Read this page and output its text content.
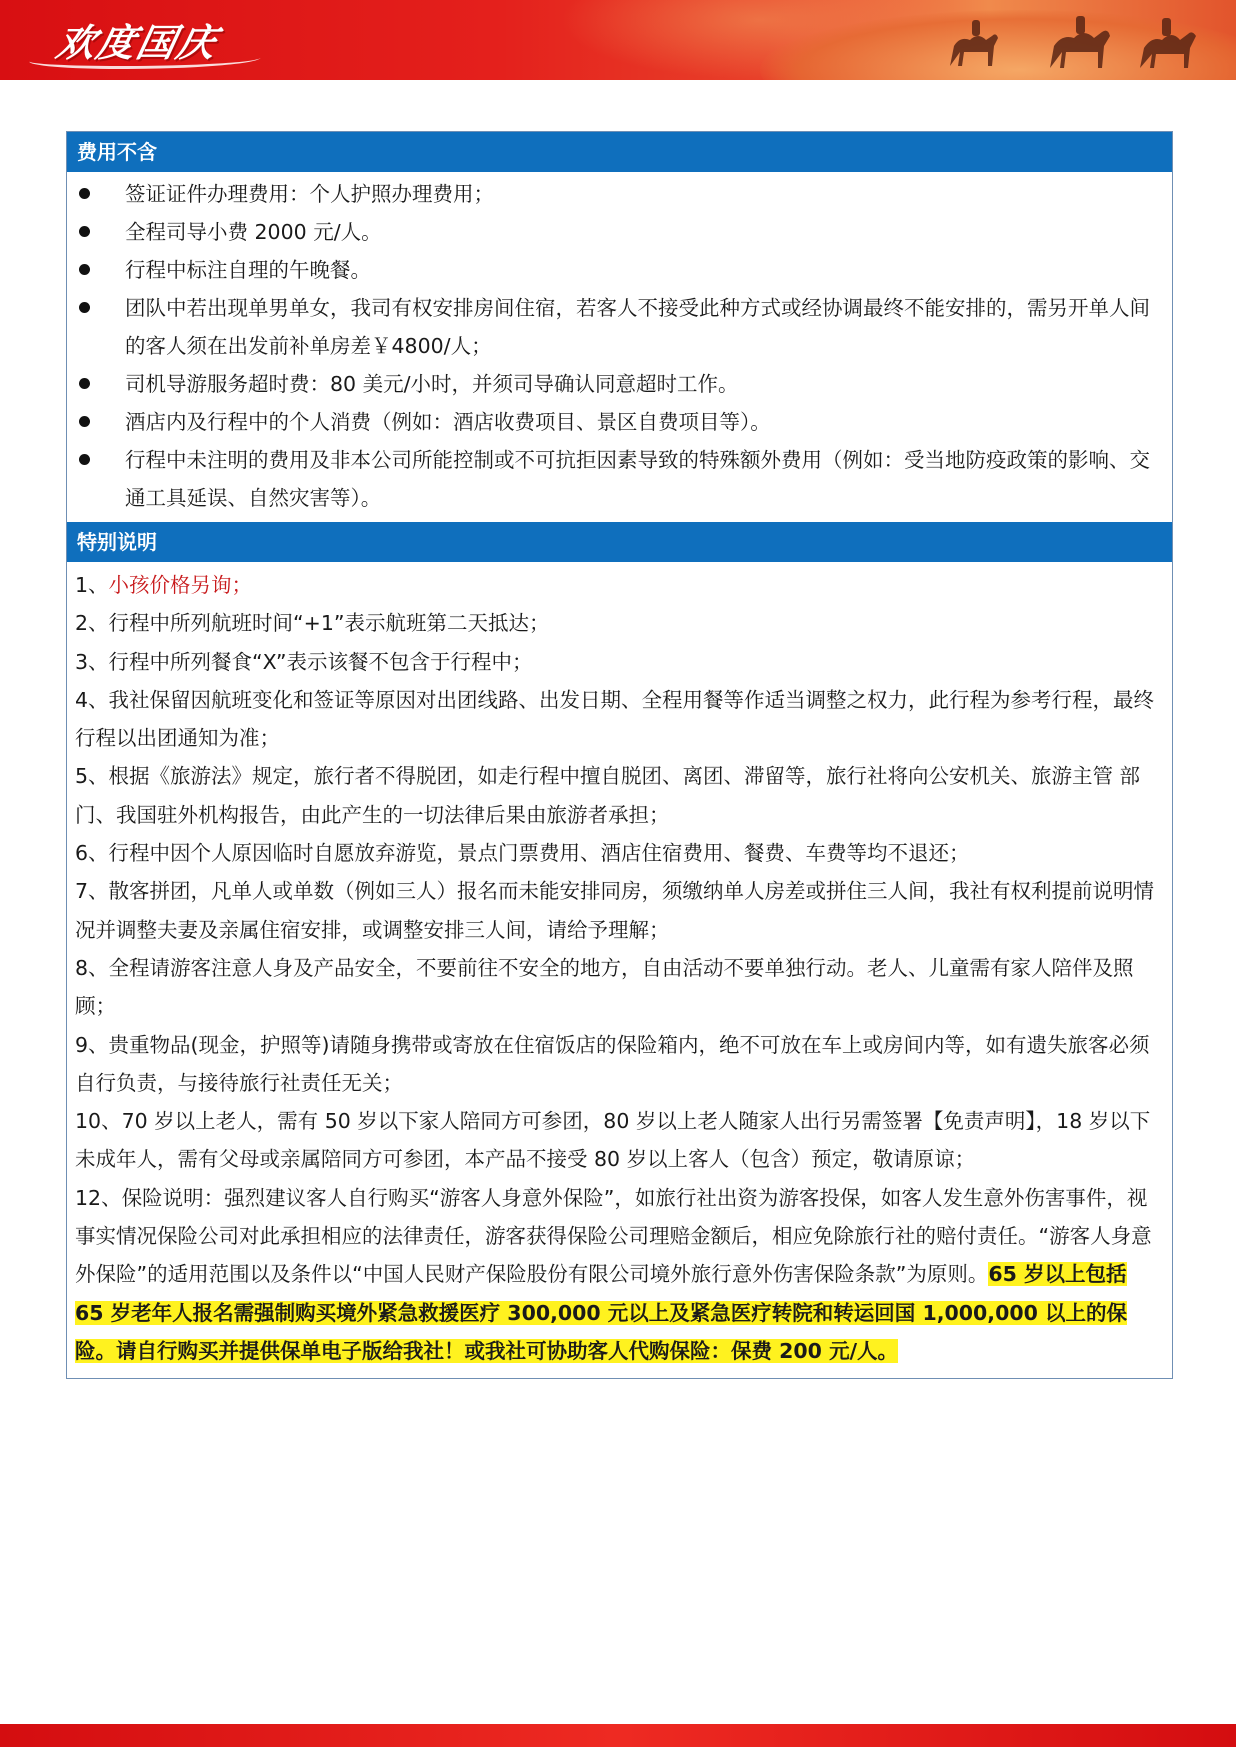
欢度国庆
费用不含
签证证件办理费用：个人护照办理费用；
全程司导小费 2000 元/人。
行程中标注自理的午晚餐。
团队中若出现单男单女，我司有权安排房间住宿，若客人不接受此种方式或经协调最终不能安排的，需另开单人间的客人须在出发前补单房差￥4800/人；
司机导游服务超时费：80 美元/小时，并须司导确认同意超时工作。
酒店内及行程中的个人消费（例如：酒店收费项目、景区自费项目等）。
行程中未注明的费用及非本公司所能控制或不可抗拒因素导致的特殊额外费用（例如：受当地防疫政策的影响、交通工具延误、自然灾害等）。
特别说明
1、小孩价格另询；
2、行程中所列航班时间“+1”表示航班第二天抵达；
3、行程中所列餐食“X”表示该餐不包含于行程中；
4、我社保留因航班变化和签证等原因对出团线路、出发日期、全程用餐等作适当调整之权力，此行程为参考行程，最终行程以出团通知为准；
5、根据《旅游法》规定，旅行者不得脱团，如走行程中擅自脱团、离团、滞留等，旅行社将向公安机关、旅游主管 部门、我国驻外机构报告，由此产生的一切法律后果由旅游者承担；
6、行程中因个人原因临时自愿放弃游览，景点门票费用、酒店住宿费用、餐费、车费等均不退还；
7、散客拼团，凡单人或单数（例如三人）报名而未能安排同房，须缴纳单人房差或拼住三人间，我社有权利提前说明情况并调整夫妻及亲属住宿安排，或调整安排三人间，请给予理解；
8、全程请游客注意人身及产品安全，不要前往不安全的地方，自由活动不要单独行动。老人、儿童需有家人陪伴及照顾；
9、贵重物品(现金，护照等)请随身携带或寄放在住宿饭店的保险箱内，绝不可放在车上或房间内等，如有遗失旅客必须自行负责，与接待旅行社责任无关；
10、70 岁以上老人，需有 50 岁以下家人陪同方可参团，80 岁以上老人随家人出行另需签署【免责声明】，18 岁以下未成年人，需有父母或亲属陪同方可参团，本产品不接受 80 岁以上客人（包含）预定，敬请原谅；
12、保险说明：强烈建议客人自行购买“游客人身意外保险”，如旅行社出资为游客投保，如客人发生意外伤害事件，视事实情况保险公司对此承担相应的法律责任，游客获得保险公司理赔金额后，相应免除旅行社的赔付责任。“游客人身意外保险”的适用范围以及条件以“中国人民财产保险股份有限公司境外旅行意外伤害保险条款”为原则。65 岁以上包括 65 岁老年人报名需强制购买境外紧急救援医疗 300,000 元以上及紧急医疗转院和转运回国 1,000,000 以上的保险。请自行购买并提供保单电子版给我社！或我社可协助客人代购保险：保费 200 元/人。
